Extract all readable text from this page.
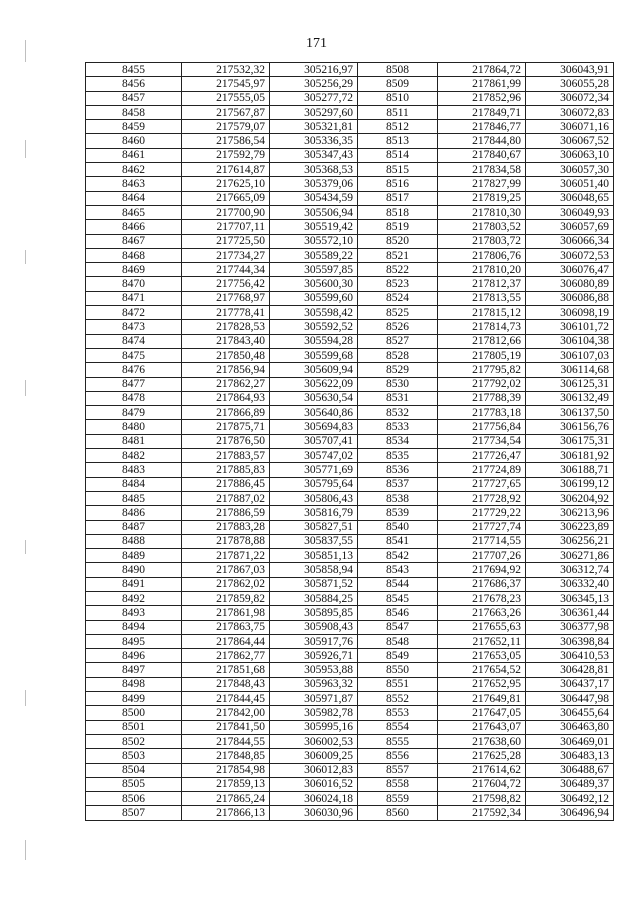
171
8455	217532,32	305216,97	8508	217864,72	306043,91
8456	217545,97	305256,29	8509	217861,99	306055,28
8457	217555,05	305277,72	8510	217852,96	306072,34
8458	217567,87	305297,60	8511	217849,71	306072,83
8459	217579,07	305321,81	8512	217846,77	306071,16
8460	217586,54	305336,35	8513	217844,80	306067,52
8461	217592,79	305347,43	8514	217840,67	306063,10
8462	217614,87	305368,53	8515	217834,58	306057,30
8463	217625,10	305379,06	8516	217827,99	306051,40
8464	217665,09	305434,59	8517	217819,25	306048,65
8465	217700,90	305506,94	8518	217810,30	306049,93
8466	217707,11	305519,42	8519	217803,52	306057,69
8467	217725,50	305572,10	8520	217803,72	306066,34
8468	217734,27	305589,22	8521	217806,76	306072,53
8469	217744,34	305597,85	8522	217810,20	306076,47
8470	217756,42	305600,30	8523	217812,37	306080,89
8471	217768,97	305599,60	8524	217813,55	306086,88
8472	217778,41	305598,42	8525	217815,12	306098,19
8473	217828,53	305592,52	8526	217814,73	306101,72
8474	217843,40	305594,28	8527	217812,66	306104,38
8475	217850,48	305599,68	8528	217805,19	306107,03
8476	217856,94	305609,94	8529	217795,82	306114,68
8477	217862,27	305622,09	8530	217792,02	306125,31
8478	217864,93	305630,54	8531	217788,39	306132,49
8479	217866,89	305640,86	8532	217783,18	306137,50
8480	217875,71	305694,83	8533	217756,84	306156,76
8481	217876,50	305707,41	8534	217734,54	306175,31
8482	217883,57	305747,02	8535	217726,47	306181,92
8483	217885,83	305771,69	8536	217724,89	306188,71
8484	217886,45	305795,64	8537	217727,65	306199,12
8485	217887,02	305806,43	8538	217728,92	306204,92
8486	217886,59	305816,79	8539	217729,22	306213,96
8487	217883,28	305827,51	8540	217727,74	306223,89
8488	217878,88	305837,55	8541	217714,55	306256,21
8489	217871,22	305851,13	8542	217707,26	306271,86
8490	217867,03	305858,94	8543	217694,92	306312,74
8491	217862,02	305871,52	8544	217686,37	306332,40
8492	217859,82	305884,25	8545	217678,23	306345,13
8493	217861,98	305895,85	8546	217663,26	306361,44
8494	217863,75	305908,43	8547	217655,63	306377,98
8495	217864,44	305917,76	8548	217652,11	306398,84
8496	217862,77	305926,71	8549	217653,05	306410,53
8497	217851,68	305953,88	8550	217654,52	306428,81
8498	217848,43	305963,32	8551	217652,95	306437,17
8499	217844,45	305971,87	8552	217649,81	306447,98
8500	217842,00	305982,78	8553	217647,05	306455,64
8501	217841,50	305995,16	8554	217643,07	306463,80
8502	217844,55	306002,53	8555	217638,60	306469,01
8503	217848,85	306009,25	8556	217625,28	306483,13
8504	217854,98	306012,83	8557	217614,62	306488,67
8505	217859,13	306016,52	8558	217604,72	306489,37
8506	217865,24	306024,18	8559	217598,82	306492,12
8507	217866,13	306030,96	8560	217592,34	306496,94
